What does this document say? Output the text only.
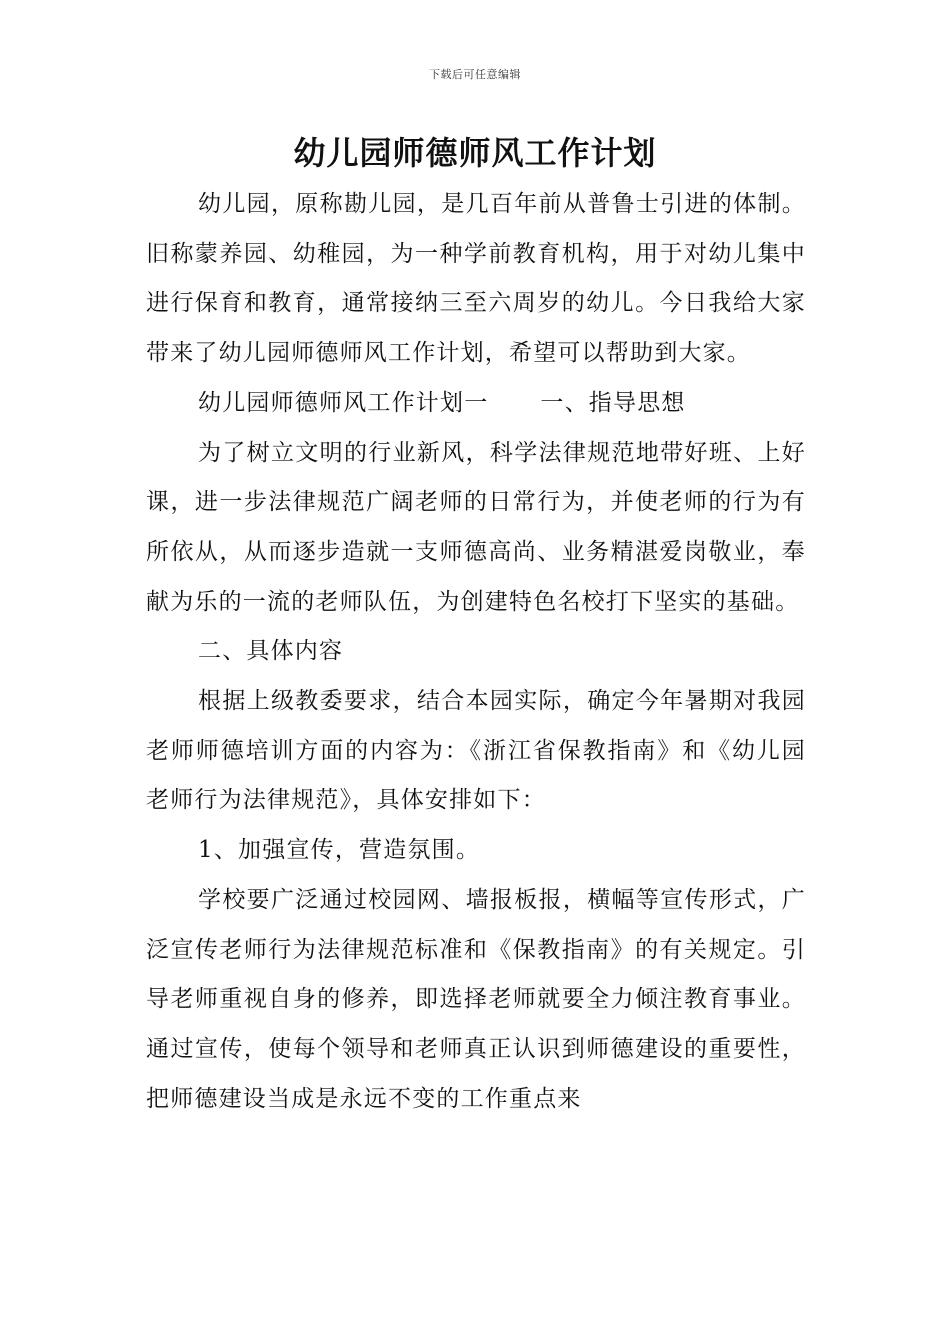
下载后可任意编辑
幼儿园师德师风工作计划

幼儿园，原称勘儿园，是几百年前从普鲁士引进的体制。旧称蒙养园、幼稚园，为一种学前教育机构，用于对幼儿集中进行保育和教育，通常接纳三至六周岁的幼儿。今日我给大家带来了幼儿园师德师风工作计划，希望可以帮助到大家。

幼儿园师德师风工作计划一 一、指导思想

为了树立文明的行业新风，科学法律规范地带好班、上好课，进一步法律规范广阔老师的日常行为，并使老师的行为有所依从，从而逐步造就一支师德高尚、业务精湛爱岗敬业，奉献为乐的一流的老师队伍，为创建特色名校打下坚实的基础。

二、具体内容

根据上级教委要求，结合本园实际，确定今年暑期对我园老师师德培训方面的内容为：《浙江省保教指南》和《幼儿园老师行为法律规范》，具体安排如下：

1、加强宣传，营造氛围。

学校要广泛通过校园网、墙报板报，横幅等宣传形式，广泛宣传老师行为法律规范标准和《保教指南》的有关规定。引导老师重视自身的修养，即选择老师就要全力倾注教育事业。通过宣传，使每个领导和老师真正认识到师德建设的重要性，把师德建设当成是永远不变的工作重点来
